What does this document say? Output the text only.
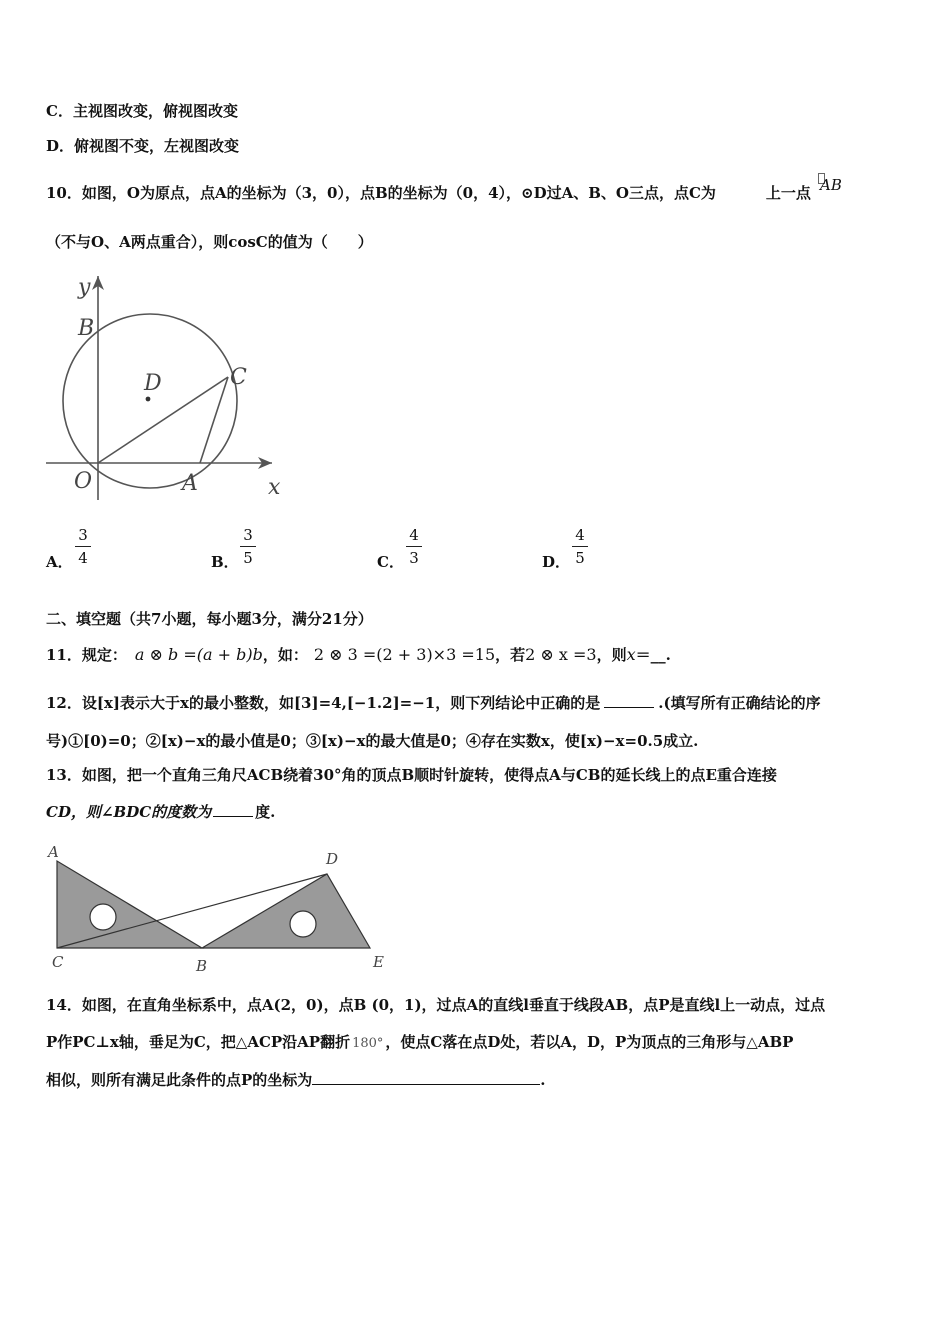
C．主视图改变，俯视图改变
D．俯视图不变，左视图改变
10．如图，O为原点，点A的坐标为（3，0），点B的坐标为（0，4），⊙D过A、B、O三点，点C为	上一点 AB
（不与O、A两点重合），则cosC的值为（　　）
y
x
B
D	C
O	A
A．
3
4	B．
3
5	C．
4
3	D．
4
5
二、填空题（共7小题，每小题3分，满分21分）
11．规定： a ⊗ b =(a + b)b，如： 2 ⊗ 3 =(2 + 3)×3 =15，若2 ⊗ x =3，则x＝__.
12．设[x]表示大于x的最小整数，如[3]=4,[−1.2]=−1，则下列结论中正确的是	.(填写所有正确结论的序
号)①[0)=0；②[x)−x的最小值是0；③[x)−x的最大值是0；④存在实数x，使[x)−x=0.5成立.
13．如图，把一个直角三角尺ACB绕着30°角的顶点B顺时针旋转，使得点A与CB的延长线上的点E重合连接
CD，则∠BDC的度数为	度.
A	D
C	B	E
14．如图，在直角坐标系中，点A(2，0)，点B (0，1)，过点A的直线l垂直于线段AB，点P是直线l上一动点，过点
P作PC⊥x轴，垂足为C，把△ACP沿AP翻折 180° ，使点C落在点D处，若以A，D，P为顶点的三角形与△ABP
相似，则所有满足此条件的点P的坐标为	.
